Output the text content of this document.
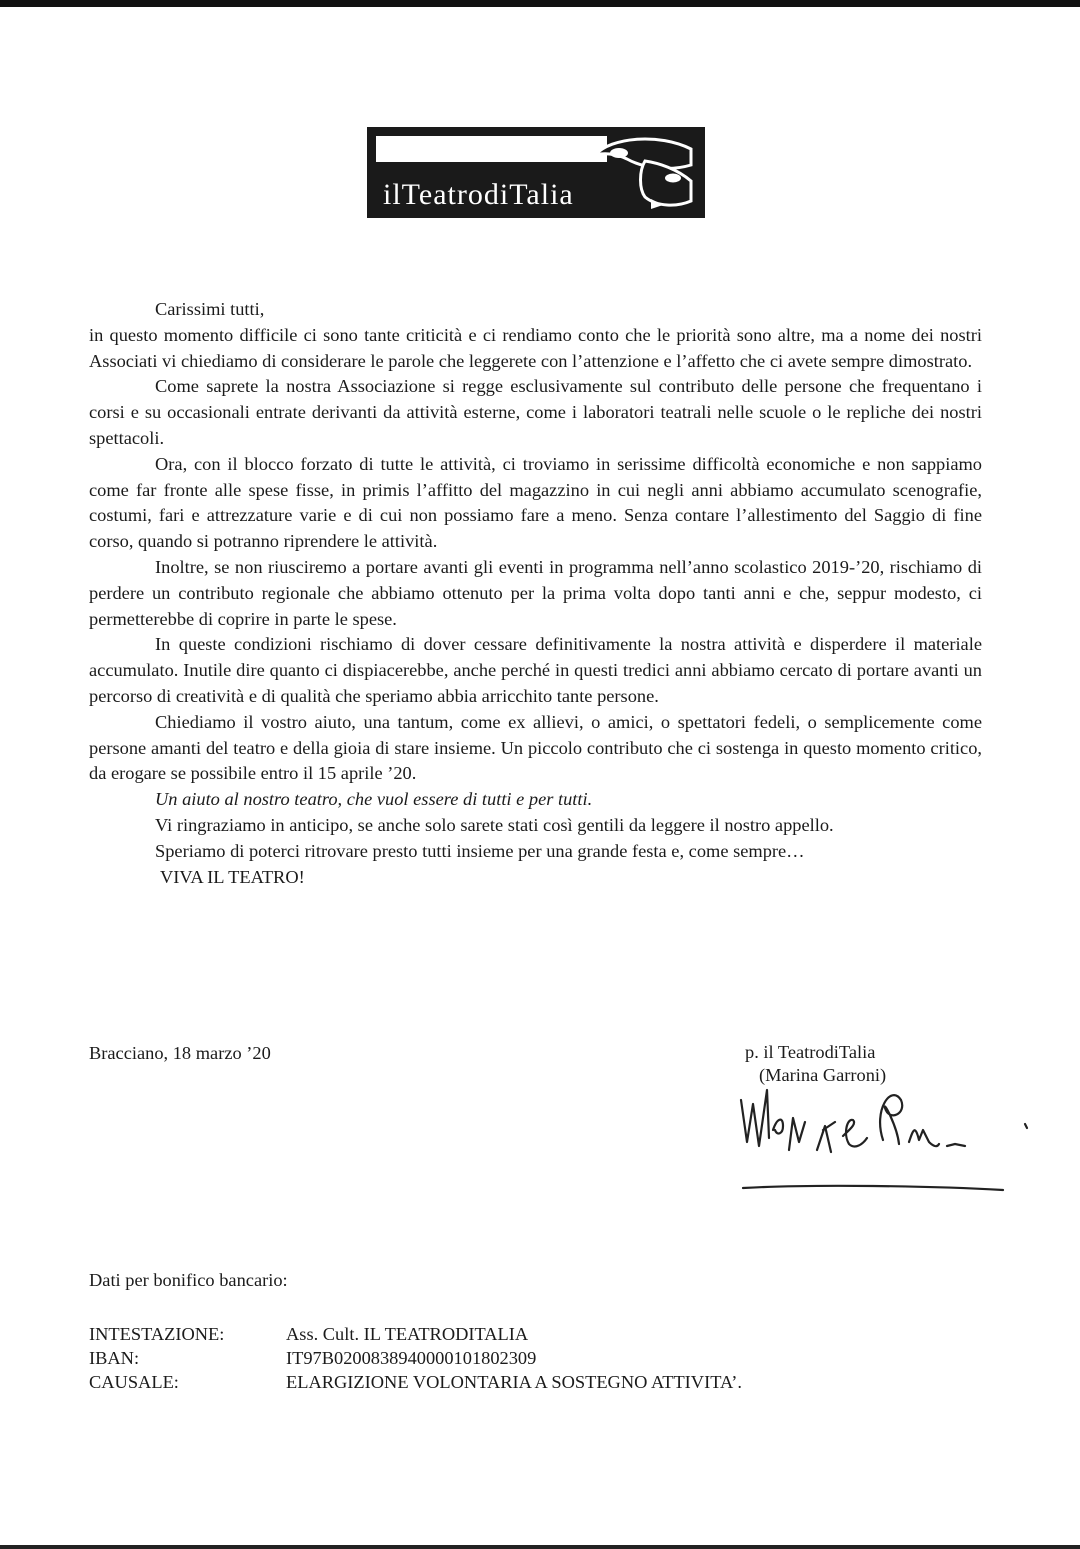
ilTeatrodiTalia

Carissimi tutti,

in questo momento difficile ci sono tante criticità e ci rendiamo conto che le priorità sono altre, ma a nome dei nostri Associati vi chiediamo di considerare le parole che leggerete con l’attenzione e l’affetto che ci avete sempre dimostrato.

Come saprete la nostra Associazione si regge esclusivamente sul contributo delle persone che frequentano i corsi e su occasionali entrate derivanti da attività esterne, come i laboratori teatrali nelle scuole o le repliche dei nostri spettacoli.

Ora, con il blocco forzato di tutte le attività, ci troviamo in serissime difficoltà economiche e non sappiamo come far fronte alle spese fisse, in primis l’affitto del magazzino in cui negli anni abbiamo accumulato scenografie, costumi, fari e attrezzature varie e di cui non possiamo fare a meno. Senza contare l’allestimento del Saggio di fine corso, quando si potranno riprendere le attività.

Inoltre, se non riusciremo a portare avanti gli eventi in programma nell’anno scolastico 2019-’20, rischiamo di perdere un contributo regionale che abbiamo ottenuto per la prima volta dopo tanti anni e che, seppur modesto, ci permetterebbe di coprire in parte le spese.

In queste condizioni rischiamo di dover cessare definitivamente la nostra attività e disperdere il materiale accumulato. Inutile dire quanto ci dispiacerebbe, anche perché in questi tredici anni abbiamo cercato di portare avanti un percorso di creatività e di qualità che speriamo abbia arricchito tante persone.

Chiediamo il vostro aiuto, una tantum, come ex allievi, o amici, o spettatori fedeli, o semplicemente come persone amanti del teatro e della gioia di stare insieme. Un piccolo contributo che ci sostenga in questo momento critico, da erogare se possibile entro il 15 aprile ’20.

Un aiuto al nostro teatro, che vuol essere di tutti e per tutti.

Vi ringraziamo in anticipo, se anche solo sarete stati così gentili da leggere il nostro appello.

Speriamo di poterci ritrovare presto tutti insieme per una grande festa e, come sempre…

VIVA IL TEATRO!

Bracciano, 18 marzo ’20	p. il TeatrodiTalia
(Marina Garroni)
Dati per bonifico bancario:
INTESTAZIONE:	Ass. Cult. IL TEATRODITALIA
IBAN:	IT97B0200838940000101802309
CAUSALE:	ELARGIZIONE VOLONTARIA A SOSTEGNO ATTIVITA’.
